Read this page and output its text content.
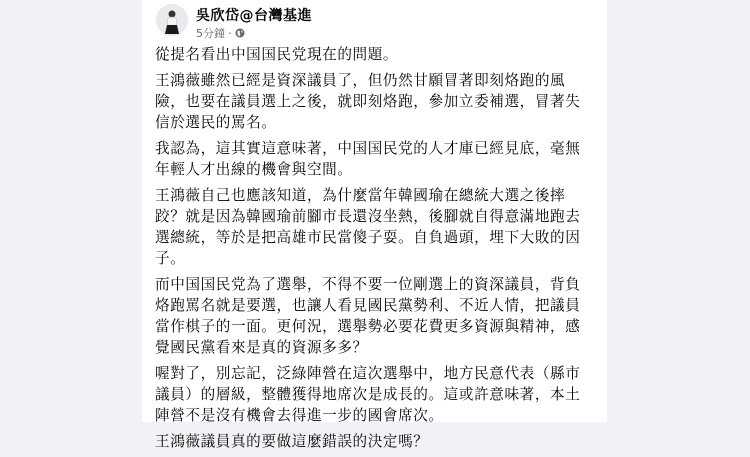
吳欣岱@台灣基進
5分鐘 ·

從提名看出中国国民党現在的問題。

王鴻薇雖然已經是資深議員了，但仍然甘願冒著即刻烙跑的風險，也要在議員選上之後，就即刻烙跑，參加立委補選，冒著失信於選民的罵名。

我認為，這其實這意味著，中国国民党的人才庫已經見底，毫無年輕人才出線的機會與空間。

王鴻薇自己也應該知道，為什麼當年韓國瑜在總統大選之後摔跤？就是因為韓國瑜前腳市長還沒坐熱，後腳就自得意滿地跑去選總統，等於是把高雄市民當傻子耍。自負過頭，埋下大敗的因子。

而中国国民党為了選舉，不得不要一位剛選上的資深議員，背負烙跑罵名就是要選，也讓人看見國民黨勢利、不近人情，把議員當作棋子的一面。更何況，選舉勢必要花費更多資源與精神，感覺國民黨看來是真的資源多多？

喔對了，別忘記，泛綠陣營在這次選舉中，地方民意代表（縣市議員）的層級，整體獲得地席次是成長的。這或許意味著，本土陣營不是沒有機會去得進一步的國會席次。

王鴻薇議員真的要做這麼錯誤的決定嗎？
